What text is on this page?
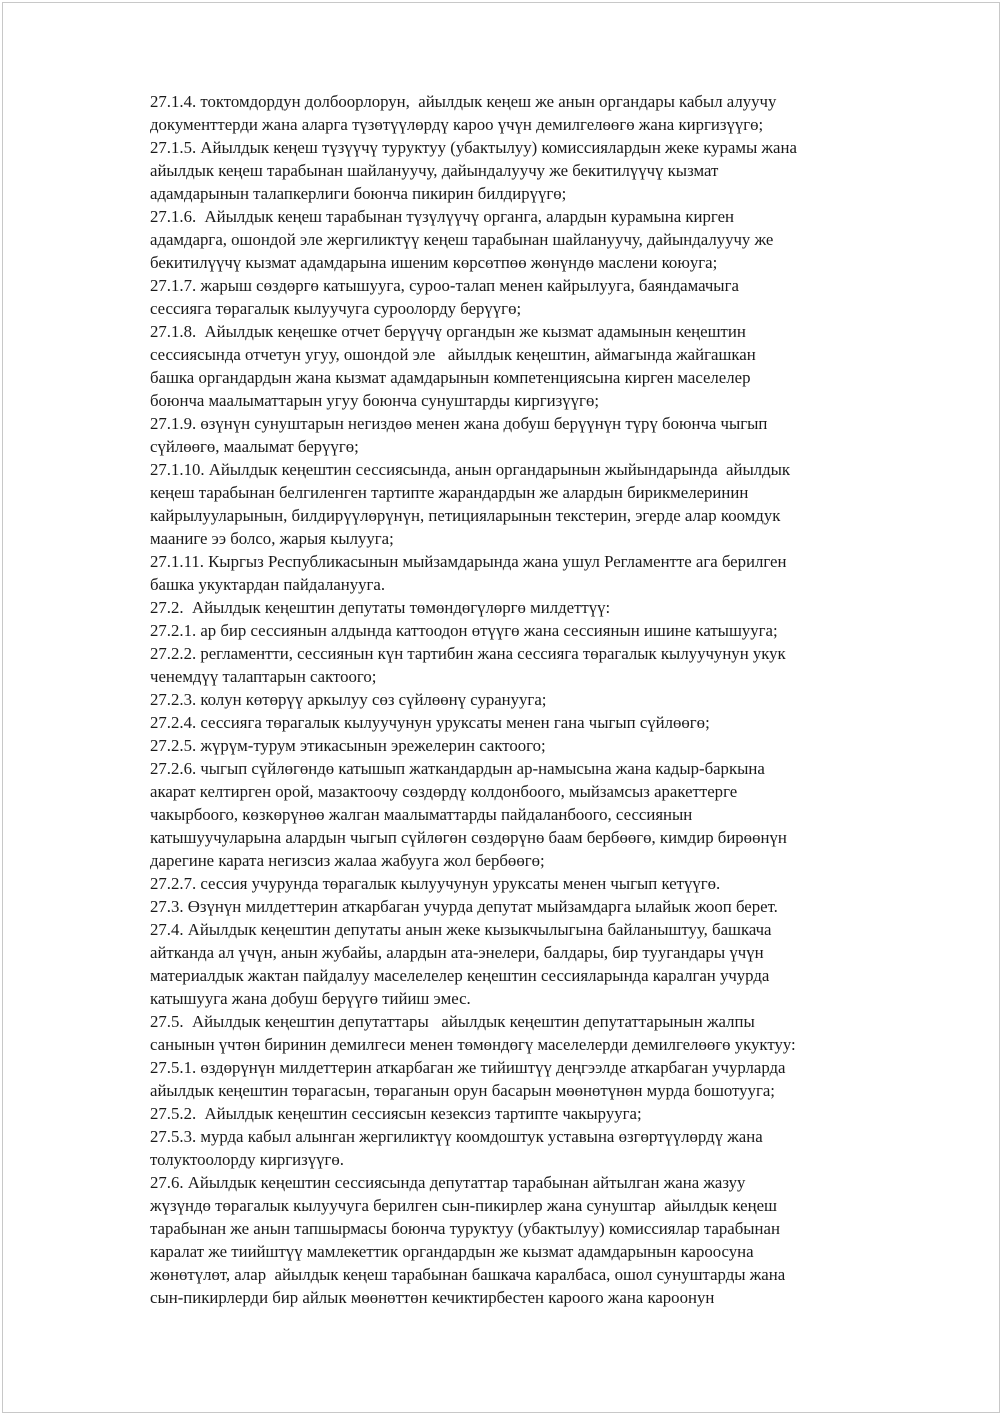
27.1.4. токтомдордун долбоорлорун,  айылдык кеңеш же анын органдары кабыл алуучу
документтерди жана аларга түзөтүүлөрдү кароо үчүн демилгелөөгө жана киргизүүгө;
27.1.5. Айылдык кеңеш түзүүчү туруктуу (убактылуу) комиссиялардын жеке курамы жана
айылдык кеңеш тарабынан шайлануучу, дайындалуучу же бекитилүүчү кызмат
адамдарынын талапкерлиги боюнча пикирин билдирүүгө;
27.1.6.  Айылдык кеңеш тарабынан түзүлүүчү органга, алардын курамына кирген
адамдарга, ошондой эле жергиликтүү кеңеш тарабынан шайлануучу, дайындалуучу же
бекитилүүчү кызмат адамдарына ишеним көрсөтпөө жөнүндө маслени коюуга;
27.1.7. жарыш сөздөргө катышууга, суроо-талап менен кайрылууга, баяндамачыга
сессияга төрагалык кылуучуга суроолорду берүүгө;
27.1.8.  Айылдык кеңешке отчет берүүчү органдын же кызмат адамынын кеңештин
сессиясында отчетун угуу, ошондой эле   айылдык кеңештин, аймагында жайгашкан
башка органдардын жана кызмат адамдарынын компетенциясына кирген маселелер
боюнча маалыматтарын угуу боюнча сунуштарды киргизүүгө;
27.1.9. өзүнүн сунуштарын негиздөө менен жана добуш берүүнүн түрү боюнча чыгып
сүйлөөгө, маалымат берүүгө;
27.1.10. Айылдык кеңештин сессиясында, анын органдарынын жыйындарында  айылдык
кеңеш тарабынан белгиленген тартипте жарандардын же алардын бирикмелеринин
кайрылууларынын, билдирүүлөрүнүн, петицияларынын текстерин, эгерде алар коомдук
мааниге ээ болсо, жарыя кылууга;
27.1.11. Кыргыз Республикасынын мыйзамдарында жана ушул Регламентте ага берилген
башка укуктардан пайдаланууга.
27.2.  Айылдык кеңештин депутаты төмөндөгүлөргө милдеттүү:
27.2.1. ар бир сессиянын алдында каттоодон өтүүгө жана сессиянын ишине катышууга;
27.2.2. регламентти, сессиянын күн тартибин жана сессияга төрагалык кылуучунун укук
ченемдүү талаптарын сактоого;
27.2.3. колун көтөрүү аркылуу сөз сүйлөөнү сурануугa;
27.2.4. сессияга төрагалык кылуучунун уруксаты менен гана чыгып сүйлөөгө;
27.2.5. жүрүм-турум этикасынын эрежелерин сактоого;
27.2.6. чыгып сүйлөгөндө катышып жаткандардын ар-намысына жана кадыр-баркына
акарат келтирген орой, мазактоочу сөздөрдү колдонбоого, мыйзамсыз аракеттерге
чакырбоого, көзкөрүнөө жалган маалыматтарды пайдаланбоого, сессиянын
катышуучуларына алардын чыгып сүйлөгөн сөздөрүнө баам бербөөгө, кимдир бирөөнүн
дарегине карата негизсиз жалаа жабууга жол бербөөгө;
27.2.7. сессия учурунда төрагалык кылуучунун уруксаты менен чыгып кетүүгө.
27.3. Өзүнүн милдеттерин аткарбаган учурда депутат мыйзамдарга ылайык жооп берет.
27.4. Айылдык кеңештин депутаты анын жеке кызыкчылыгына байланыштуу, башкача
айтканда ал үчүн, анын жубайы, алардын ата-энелери, балдары, бир туугандары үчүн
материалдык жактан пайдалуу маселелелер кеңештин сессияларында каралган учурда
катышууга жана добуш берүүгө тийиш эмес.
27.5.  Айылдык кеңештин депутаттары   айылдык кеңештин депутаттарынын жалпы
санынын үчтөн биринин демилгеси менен төмөндөгү маселелерди демилгелөөгө укуктуу:
27.5.1. өздөрүнүн милдеттерин аткарбаган же тийиштүү деңгээлде аткарбаган учурларда
айылдык кеңештин төрагасын, төраганын орун басарын мөөнөтүнөн мурда бошотууга;
27.5.2.  Айылдык кеңештин сессиясын кезексиз тартипте чакырууга;
27.5.3. мурда кабыл алынган жергиликтүү коомдоштук уставына өзгөртүүлөрдү жана
толуктоолорду киргизүүгө.
27.6. Айылдык кеңештин сессиясында депутаттар тарабынан айтылган жана жазуу
жүзүндө төрагалык кылуучуга берилген сын-пикирлер жана сунуштар  айылдык кеңеш
тарабынан же анын тапшырмасы боюнча туруктуу (убактылуу) комиссиялар тарабынан
каралат же тиийштүү мамлекеттик органдардын же кызмат адамдарынын кароосуна
жөнөтүлөт, алар  айылдык кеңеш тарабынан башкача каралбаса, ошол сунуштарды жана
сын-пикирлерди бир айлык мөөнөттөн кечиктирбестен кароого жана кароонун
